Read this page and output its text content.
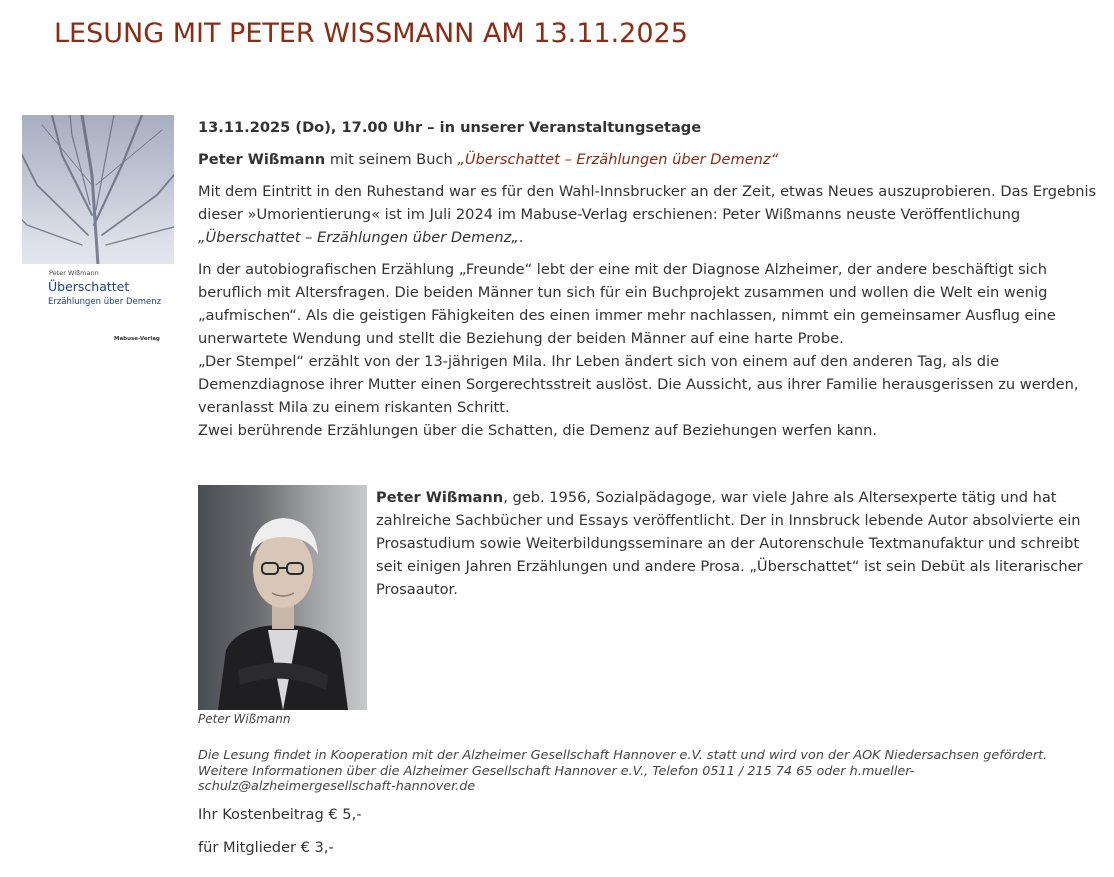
LESUNG MIT PETER WISSMANN AM 13.11.2025
Peter Wißmann
Überschattet
Erzählungen über Demenz
Mabuse-Verlag

13.11.2025 (Do), 17.00 Uhr – in unserer Veranstaltungsetage

Peter Wißmann mit seinem Buch „Überschattet – Erzählungen über Demenz“

Mit dem Eintritt in den Ruhestand war es für den Wahl-Innsbrucker an der Zeit, etwas Neues auszuprobieren. Das Ergebnis dieser »Umorientierung« ist im Juli 2024 im Mabuse-Verlag erschienen: Peter Wißmanns neuste Veröffentlichung „Überschattet – Erzählungen über Demenz„.

In der autobiografischen Erzählung „Freunde“ lebt der eine mit der Diagnose Alzheimer, der andere beschäftigt sich beruflich mit Altersfragen. Die beiden Männer tun sich für ein Buchprojekt zusammen und wollen die Welt ein wenig „aufmischen“. Als die geistigen Fähigkeiten des einen immer mehr nachlassen, nimmt ein gemeinsamer Ausflug eine unerwartete Wendung und stellt die Beziehung der beiden Männer auf eine harte Probe.
„Der Stempel“ erzählt von der 13-jährigen Mila. Ihr Leben ändert sich von einem auf den anderen Tag, als die Demenzdiagnose ihrer Mutter einen Sorgerechtsstreit auslöst. Die Aussicht, aus ihrer Familie herausgerissen zu werden, veranlasst Mila zu einem riskanten Schritt.
Zwei berührende Erzählungen über die Schatten, die Demenz auf Beziehungen werfen kann.

Peter Wißmann

Peter Wißmann, geb. 1956, Sozialpädagoge, war viele Jahre als Altersexperte tätig und hat zahlreiche Sachbücher und Essays veröffentlicht. Der in Innsbruck lebende Autor absolvierte ein Prosastudium sowie Weiterbildungsseminare an der Autorenschule Textmanufaktur und schreibt seit einigen Jahren Erzählungen und andere Prosa. „Überschattet“ ist sein Debüt als literarischer Prosaautor.

Die Lesung findet in Kooperation mit der Alzheimer Gesellschaft Hannover e.V. statt und wird von der AOK Niedersachsen gefördert.

Weitere Informationen über die Alzheimer Gesellschaft Hannover e.V., Telefon 0511 / 215 74 65 oder h.mueller-schulz@alzheimergesellschaft-hannover.de

Ihr Kostenbeitrag € 5,-
für Mitglieder € 3,-
